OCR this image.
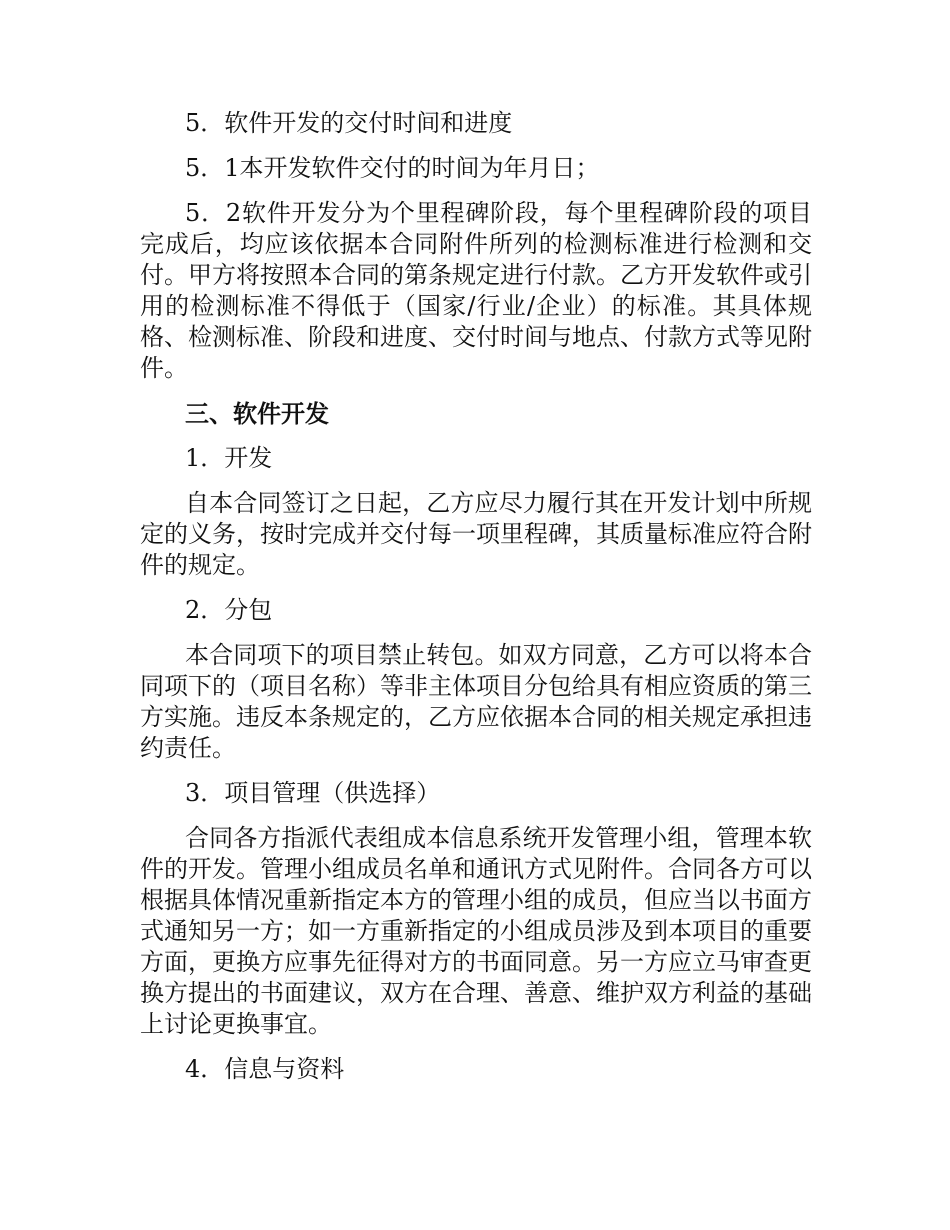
5．软件开发的交付时间和进度

5．1本开发软件交付的时间为年月日；

5．2软件开发分为个里程碑阶段，每个里程碑阶段的项目完成后，均应该依据本合同附件所列的检测标准进行检测和交付。甲方将按照本合同的第条规定进行付款。乙方开发软件或引用的检测标准不得低于（国家/行业/企业）的标准。其具体规格、检测标准、阶段和进度、交付时间与地点、付款方式等见附件。

三、软件开发

1．开发

自本合同签订之日起，乙方应尽力履行其在开发计划中所规定的义务，按时完成并交付每一项里程碑，其质量标准应符合附件的规定。

2．分包

本合同项下的项目禁止转包。如双方同意，乙方可以将本合同项下的（项目名称）等非主体项目分包给具有相应资质的第三方实施。违反本条规定的，乙方应依据本合同的相关规定承担违约责任。

3．项目管理（供选择）

合同各方指派代表组成本信息系统开发管理小组，管理本软件的开发。管理小组成员名单和通讯方式见附件。合同各方可以根据具体情况重新指定本方的管理小组的成员，但应当以书面方式通知另一方；如一方重新指定的小组成员涉及到本项目的重要方面，更换方应事先征得对方的书面同意。另一方应立马审查更换方提出的书面建议，双方在合理、善意、维护双方利益的基础上讨论更换事宜。

4．信息与资料
